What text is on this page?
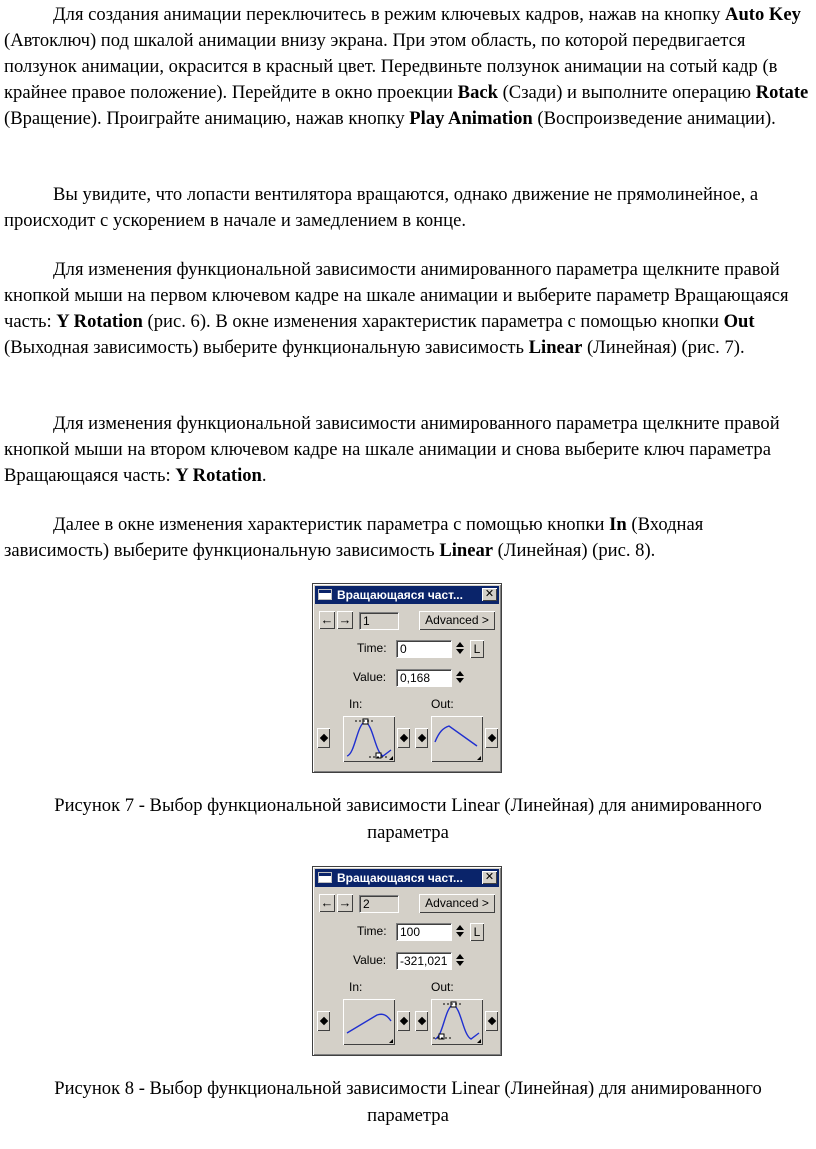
Для создания анимации переключитесь в режим ключевых кадров, нажав на кнопку Auto Key (Автоключ) под шкалой анимации внизу экрана. При этом область, по которой передвигается ползунок анимации, окрасится в красный цвет. Передвиньте ползунок анимации на сотый кадр (в крайнее правое положение). Перейдите в окно проекции Back (Сзади) и выполните операцию Rotate (Вращение). Проиграйте анимацию, нажав кнопку Play Animation (Воспроизведение анимации).

Вы увидите, что лопасти вентилятора вращаются, однако движение не прямолинейное, а происходит с ускорением в начале и замедлением в конце.

Для изменения функциональной зависимости анимированного параметра щелкните правой кнопкой мыши на первом ключевом кадре на шкале анимации и выберите параметр Вращающаяся часть: Y Rotation (рис. 6). В окне изменения характеристик параметра с помощью кнопки Out (Выходная зависимость) выберите функциональную зависимость Linear (Линейная) (рис. 7).

Для изменения функциональной зависимости анимированного параметра щелкните правой кнопкой мыши на втором ключевом кадре на шкале анимации и снова выберите ключ параметра Вращающаяся часть: Y Rotation.

Далее в окне изменения характеристик параметра с помощью кнопки In (Входная зависимость) выберите функциональную зависимость Linear (Линейная) (рис. 8).

Вращающаяся част...	✕
← → 1	Advanced >
Time:	0	L
Value:	0,168
In:	Out:

Рисунок 7 - Выбор функциональной зависимости Linear (Линейная) для анимированного

параметра

Вращающаяся част...	✕
← → 2	Advanced >
Time:	100	L
Value:	-321,021
In:	Out:

Рисунок 8 - Выбор функциональной зависимости Linear (Линейная) для анимированного

параметра
